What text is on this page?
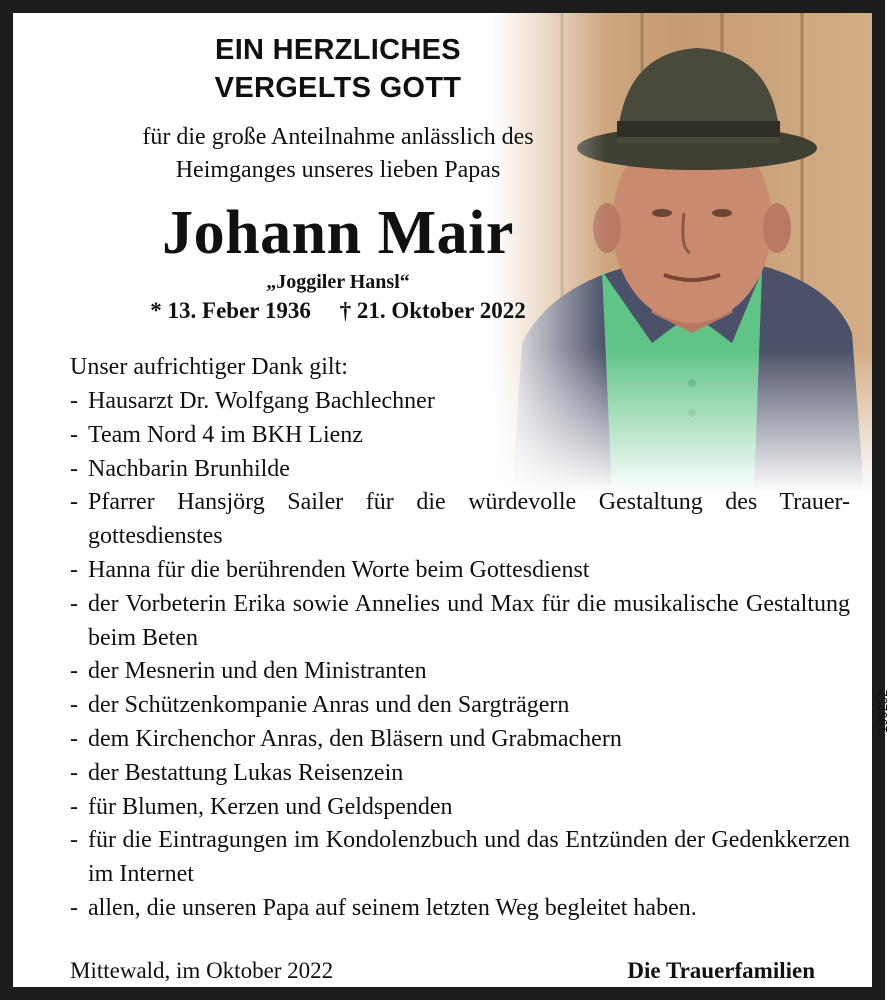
EIN HERZLICHES
VERGELTS GOTT
für die große Anteilnahme anlässlich des
Heimganges unseres lieben Papas
Johann Mair
„Joggiler Hansl“
* 13. Feber 1936     † 21. Oktober 2022
Unser aufrichtiger Dank gilt:
- Hausarzt Dr. Wolfgang Bachlechner
- Team Nord 4 im BKH Lienz
- Nachbarin Brunhilde
- Pfarrer Hansjörg Sailer für die würdevolle Gestaltung des Trauer-gottesdienstes
- Hanna für die berührenden Worte beim Gottesdienst
- der Vorbeterin Erika sowie Annelies und Max für die musikalische Gestaltung beim Beten
- der Mesnerin und den Ministranten
- der Schützenkompanie Anras und den Sargträgern
- dem Kirchenchor Anras, den Bläsern und Grabmachern
- der Bestattung Lukas Reisenzein
- für Blumen, Kerzen und Geldspenden
- für die Eintragungen im Kondolenzbuch und das Entzünden der Gedenkkerzen im Internet
- allen, die unseren Papa auf seinem letzten Weg begleitet haben.
Mittewald, im Oktober 2022	Die Trauerfamilien
199252
